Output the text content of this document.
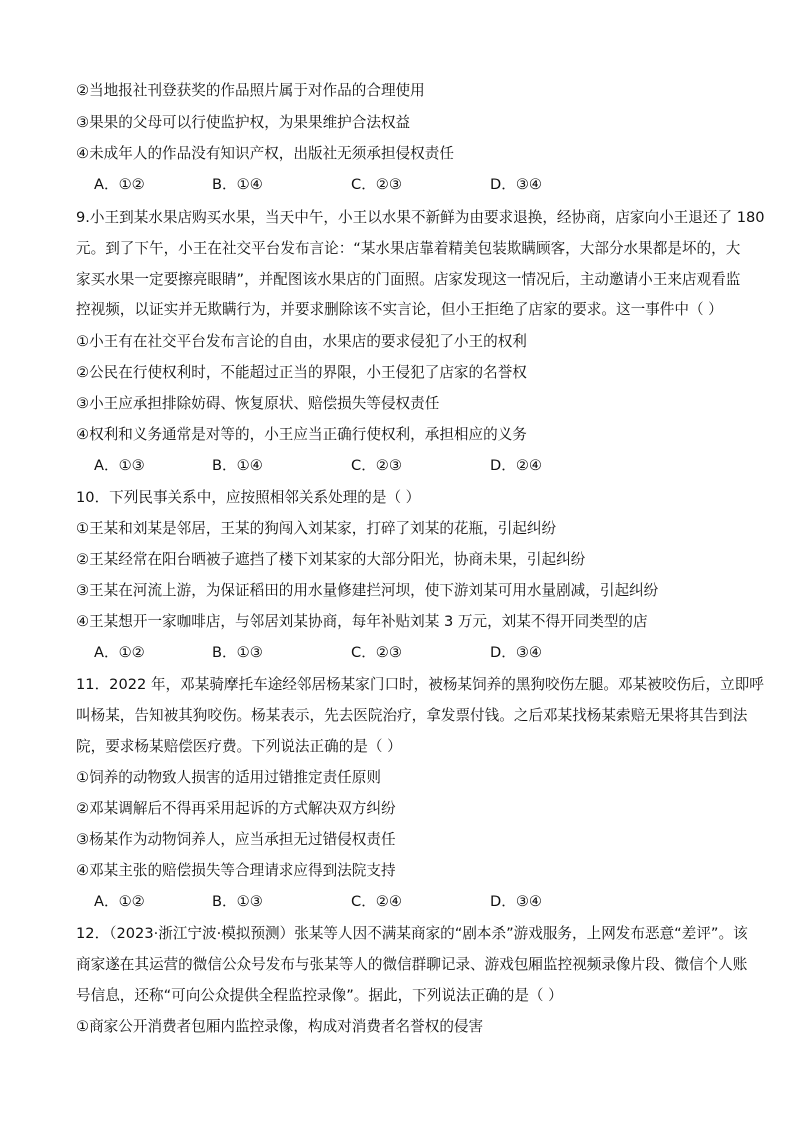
②当地报社刊登获奖的作品照片属于对作品的合理使用
③果果的父母可以行使监护权，为果果维护合法权益
④未成年人的作品没有知识产权，出版社无须承担侵权责任
A．①②	B．①④	C．②③	D．③④
9.小王到某水果店购买水果，当天中午，小王以水果不新鲜为由要求退换，经协商，店家向小王退还了 180
元。到了下午，小王在社交平台发布言论：“某水果店靠着精美包装欺瞒顾客，大部分水果都是坏的，大
家买水果一定要擦亮眼睛”，并配图该水果店的门面照。店家发现这一情况后，主动邀请小王来店观看监
控视频，以证实并无欺瞒行为，并要求删除该不实言论，但小王拒绝了店家的要求。这一事件中（ ）
①小王有在社交平台发布言论的自由，水果店的要求侵犯了小王的权利
②公民在行使权利时，不能超过正当的界限，小王侵犯了店家的名誉权
③小王应承担排除妨碍、恢复原状、赔偿损失等侵权责任
④权利和义务通常是对等的，小王应当正确行使权利，承担相应的义务
A．①③	B．①④	C．②③	D．②④
10．下列民事关系中，应按照相邻关系处理的是（ ）
①王某和刘某是邻居，王某的狗闯入刘某家，打碎了刘某的花瓶，引起纠纷
②王某经常在阳台晒被子遮挡了楼下刘某家的大部分阳光，协商未果，引起纠纷
③王某在河流上游，为保证稻田的用水量修建拦河坝，使下游刘某可用水量剧减，引起纠纷
④王某想开一家咖啡店，与邻居刘某协商，每年补贴刘某 3 万元，刘某不得开同类型的店
A．①②	B．①③	C．②③	D．③④
11．2022 年，邓某骑摩托车途经邻居杨某家门口时，被杨某饲养的黑狗咬伤左腿。邓某被咬伤后，立即呼
叫杨某，告知被其狗咬伤。杨某表示，先去医院治疗，拿发票付钱。之后邓某找杨某索赔无果将其告到法
院，要求杨某赔偿医疗费。下列说法正确的是（ ）
①饲养的动物致人损害的适用过错推定责任原则
②邓某调解后不得再采用起诉的方式解决双方纠纷
③杨某作为动物饲养人，应当承担无过错侵权责任
④邓某主张的赔偿损失等合理请求应得到法院支持
A．①②	B．①③	C．②④	D．③④
12．（2023·浙江宁波·模拟预测）张某等人因不满某商家的“剧本杀”游戏服务，上网发布恶意“差评”。该
商家遂在其运营的微信公众号发布与张某等人的微信群聊记录、游戏包厢监控视频录像片段、微信个人账
号信息，还称“可向公众提供全程监控录像”。据此，下列说法正确的是（ ）
①商家公开消费者包厢内监控录像，构成对消费者名誉权的侵害
